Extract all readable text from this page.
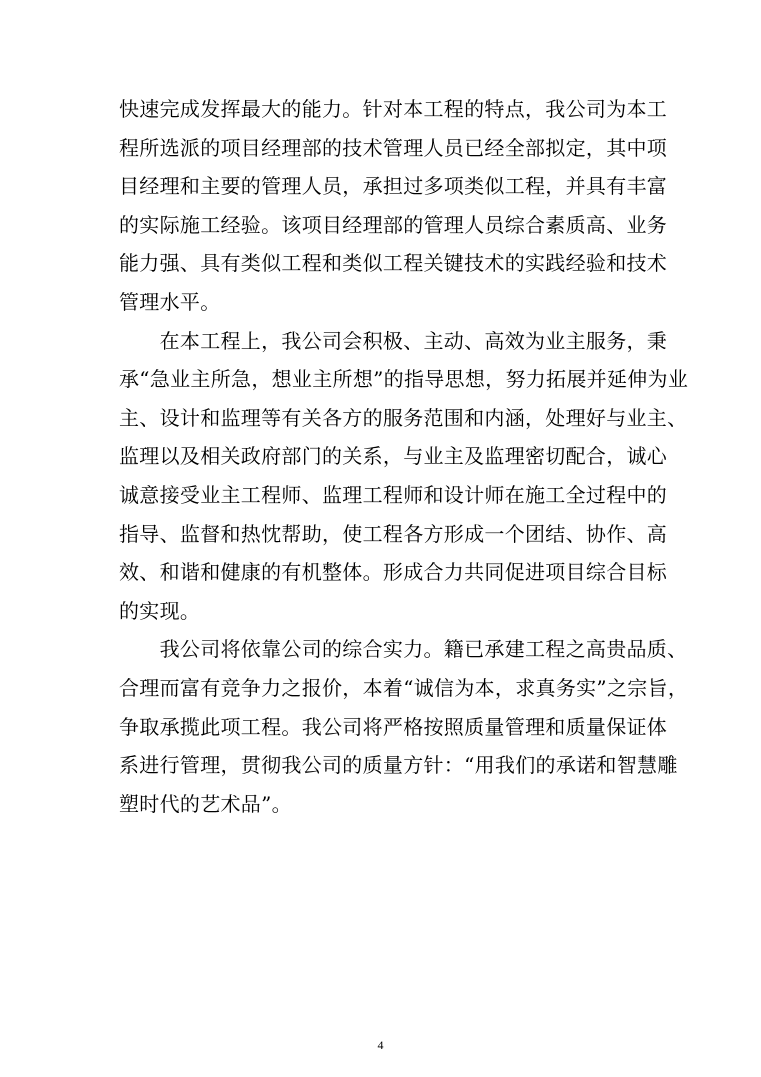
快速完成发挥最大的能力。针对本工程的特点，我公司为本工
程所选派的项目经理部的技术管理人员已经全部拟定，其中项
目经理和主要的管理人员，承担过多项类似工程，并具有丰富
的实际施工经验。该项目经理部的管理人员综合素质高、业务
能力强、具有类似工程和类似工程关键技术的实践经验和技术
管理水平。
　　在本工程上，我公司会积极、主动、高效为业主服务，秉
承“急业主所急，想业主所想”的指导思想，努力拓展并延伸为业
主、设计和监理等有关各方的服务范围和内涵，处理好与业主、
监理以及相关政府部门的关系，与业主及监理密切配合，诚心
诚意接受业主工程师、监理工程师和设计师在施工全过程中的
指导、监督和热忱帮助，使工程各方形成一个团结、协作、高
效、和谐和健康的有机整体。形成合力共同促进项目综合目标
的实现。
　　我公司将依靠公司的综合实力。籍已承建工程之高贵品质、
合理而富有竞争力之报价，本着“诚信为本，求真务实”之宗旨，
争取承揽此项工程。我公司将严格按照质量管理和质量保证体
系进行管理，贯彻我公司的质量方针：“用我们的承诺和智慧雕
塑时代的艺术品”。
4
